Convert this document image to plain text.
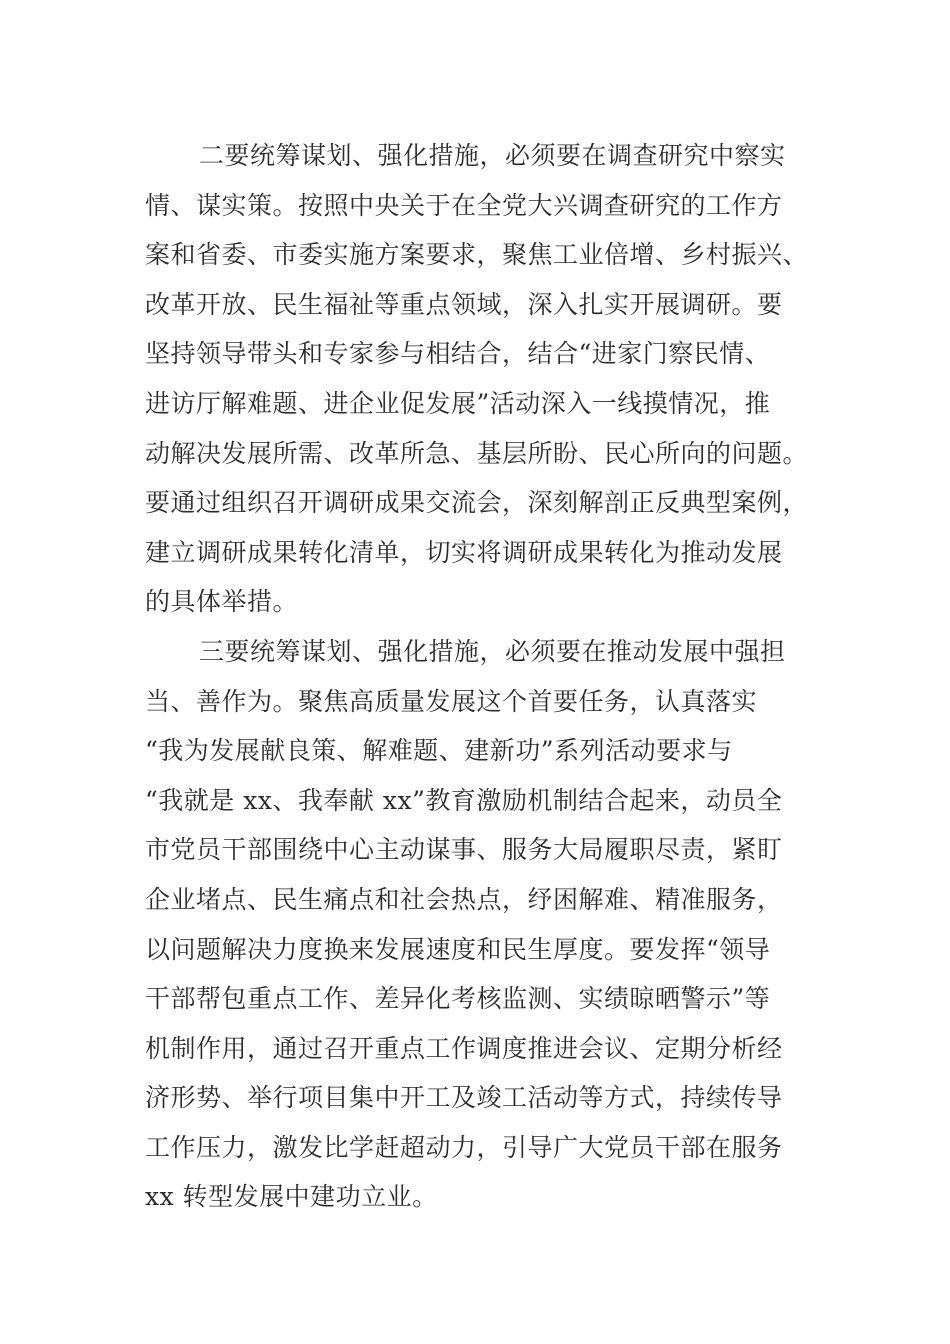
二要统筹谋划、强化措施，必须要在调查研究中察实
情、谋实策。按照中央关于在全党大兴调查研究的工作方
案和省委、市委实施方案要求，聚焦工业倍增、乡村振兴、
改革开放、民生福祉等重点领域，深入扎实开展调研。要
坚持领导带头和专家参与相结合，结合“进家门察民情、
进访厅解难题、进企业促发展”活动深入一线摸情况，推
动解决发展所需、改革所急、基层所盼、民心所向的问题。
要通过组织召开调研成果交流会，深刻解剖正反典型案例，
建立调研成果转化清单，切实将调研成果转化为推动发展
的具体举措。
三要统筹谋划、强化措施，必须要在推动发展中强担
当、善作为。聚焦高质量发展这个首要任务，认真落实
“我为发展献良策、解难题、建新功”系列活动要求与
“我就是 xx、我奉献 xx”教育激励机制结合起来，动员全
市党员干部围绕中心主动谋事、服务大局履职尽责，紧盯
企业堵点、民生痛点和社会热点，纾困解难、精准服务，
以问题解决力度换来发展速度和民生厚度。要发挥“领导
干部帮包重点工作、差异化考核监测、实绩晾晒警示”等
机制作用，通过召开重点工作调度推进会议、定期分析经
济形势、举行项目集中开工及竣工活动等方式，持续传导
工作压力，激发比学赶超动力，引导广大党员干部在服务
xx 转型发展中建功立业。
